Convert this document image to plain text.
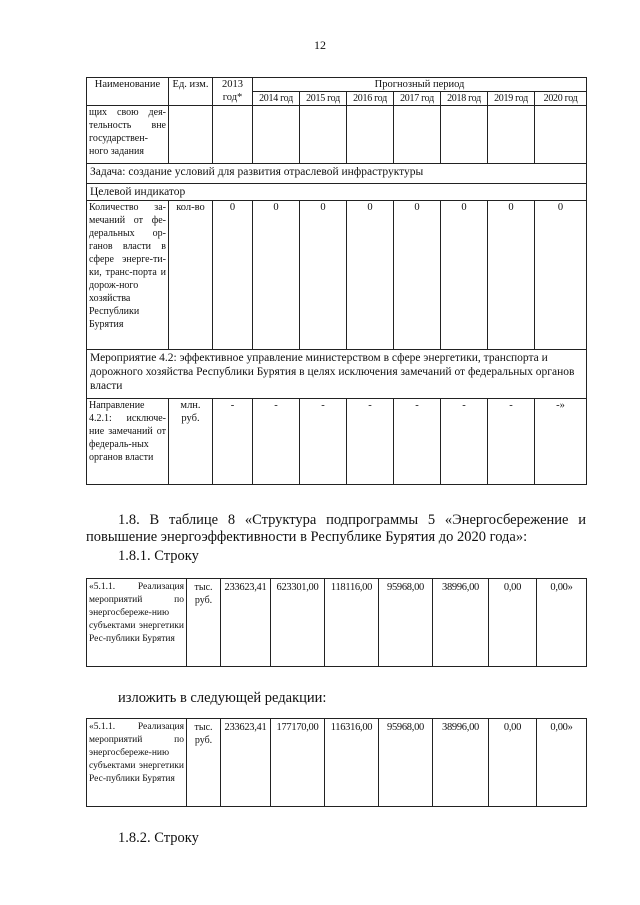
12
Наименование	Ед. изм.	2013 год*	Прогнозный период						
			2014 год	2015 год	2016 год	2017 год	2018 год	2019 год	2020 год
щих свою дея-тельность вне государствен-ного задания									
Задача: создание условий для развития отраслевой инфраструктуры									
Целевой индикатор									
Количество за-мечаний от фе-деральных ор-ганов власти в сфере энерге-ти-ки, транс-порта и дорож-ного хозяйства Республики Бурятия	кол-во	0	0	0	0	0	0	0	0
Мероприятие 4.2: эффективное управление министерством в сфере энергетики, транспорта и дорожного хозяйства Республики Бурятия в целях исключения замечаний от федеральных органов власти									
Направление 4.2.1: исключе-ние замечаний от федераль-ных органов власти	млн. руб.	-	-	-	-	-	-	-	-»
1.8. В таблице 8 «Структура подпрограммы 5 «Энергосбережение и повышение энергоэффективности в Республике Бурятия до 2020 года»:
1.8.1. Строку
«5.1.1. Реализация мероприятий по энергосбереже-нию субъектами энергетики Рес-публики Бурятия	тыс. руб.	233623,41	623301,00	118116,00	95968,00	38996,00	0,00	0,00»
изложить в следующей редакции:
«5.1.1. Реализация мероприятий по энергосбереже-нию субъектами энергетики Рес-публики Бурятия	тыс. руб.	233623,41	177170,00	116316,00	95968,00	38996,00	0,00	0,00»
1.8.2. Строку
